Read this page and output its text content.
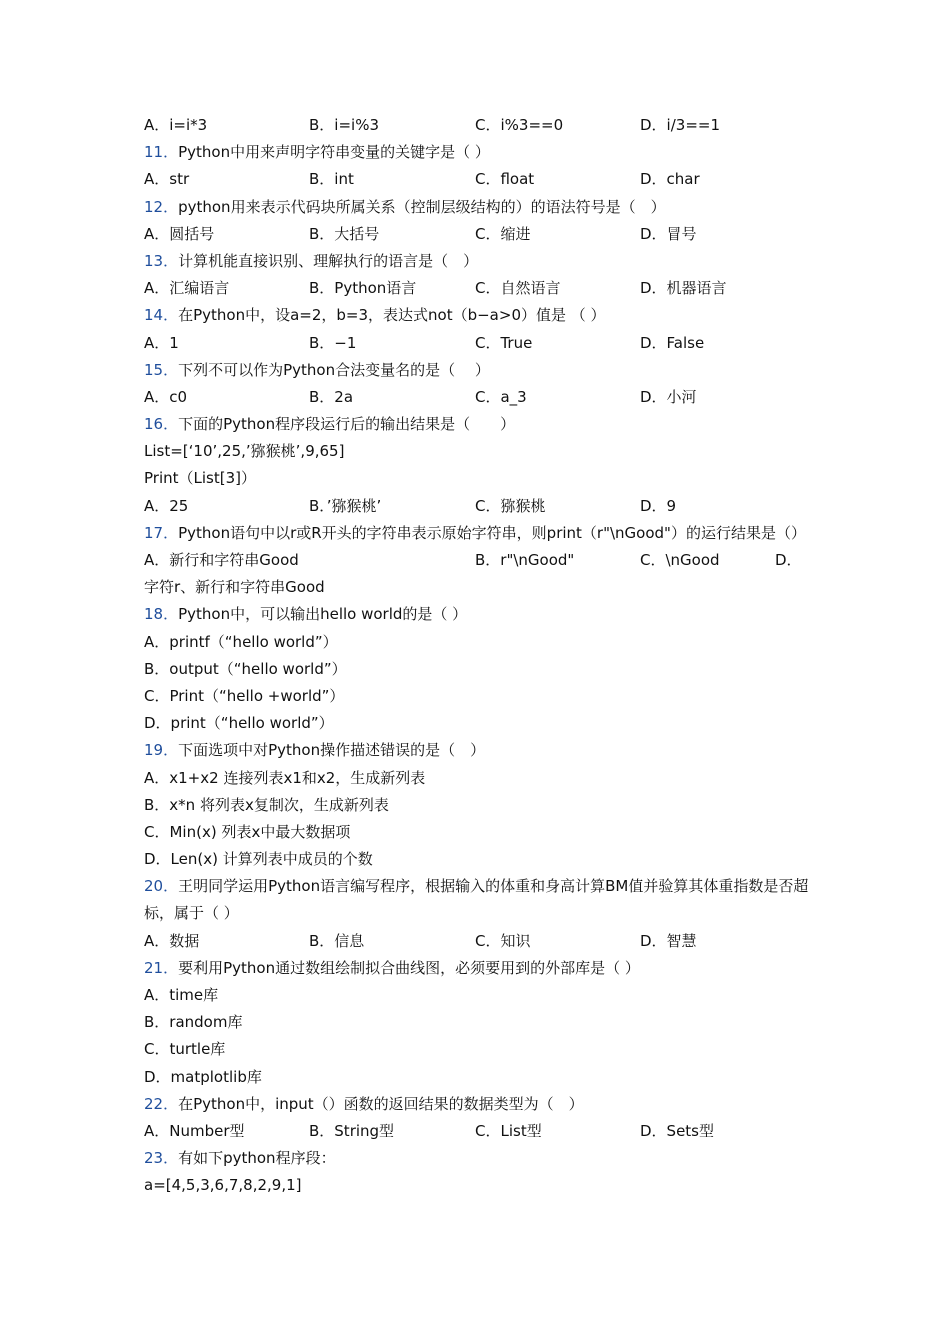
A．i=i*3	B．i=i%3	C．i%3==0	D．i/3==1
11．Python中用来声明字符串变量的关键字是（ ）
A．str	B．int	C．float	D．char
12．python用来表示代码块所属关系（控制层级结构的）的语法符号是（　）
A．圆括号	B．大括号	C．缩进	D．冒号
13．计算机能直接识别、理解执行的语言是（　）
A．汇编语言	B．Python语言	C．自然语言	D．机器语言
14．在Python中，设a=2，b=3，表达式not（b−a>0）值是 （ ）
A．1	B．−1	C．True	D．False
15．下列不可以作为Python合法变量名的是（　 ）
A．c0	B．2a	C．a_3	D．小河
16．下面的Python程序段运行后的输出结果是（　　）
List=[‘10’,25,’猕猴桃’,9,65]
Print（List[3]）
A．25	B．’猕猴桃’	C．猕猴桃	D．9
17．Python语句中以r或R开头的字符串表示原始字符串，则print（r"\nGood"）的运行结果是（）
A．新行和字符串Good	B．r"\nGood"	C．\nGood	D．
字符r、新行和字符串Good
18．Python中，可以输出hello world的是（ ）
A．printf（“hello world”）
B．output（“hello world”）
C．Print（“hello +world”）
D．print（“hello world”）
19．下面选项中对Python操作描述错误的是（　）
A．x1+x2 连接列表x1和x2，生成新列表
B．x*n 将列表x复制次，生成新列表
C．Min(x) 列表x中最大数据项
D．Len(x) 计算列表中成员的个数
20．王明同学运用Python语言编写程序，根据输入的体重和身高计算BM值并验算其体重指数是否超标，属于（ ）
A．数据	B．信息	C．知识	D．智慧
21．要利用Python通过数组绘制拟合曲线图，必须要用到的外部库是（ ）
A．time库
B．random库
C．turtle库
D．matplotlib库
22．在Python中，input（）函数的返回结果的数据类型为（　）
A．Number型	B．String型	C．List型	D．Sets型
23．有如下python程序段：
a=[4,5,3,6,7,8,2,9,1]
